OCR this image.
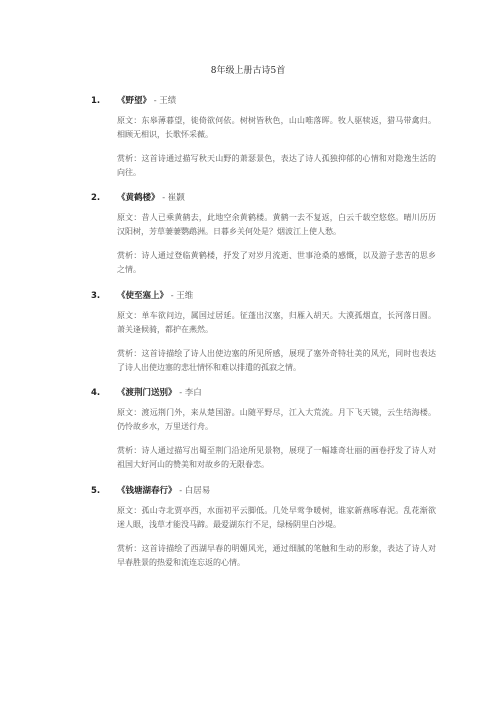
8年级上册古诗5首
1. 《野望》 - 王绩
原文：东皋薄暮望，徙倚欲何依。树树皆秋色，山山唯落晖。牧人驱犊返，猎马带禽归。相顾无相识，长歌怀采薇。
赏析：这首诗通过描写秋天山野的萧瑟景色，表达了诗人孤独抑郁的心情和对隐逸生活的向往。
2. 《黄鹤楼》 - 崔颢
原文：昔人已乘黄鹤去，此地空余黄鹤楼。黄鹤一去不复返，白云千载空悠悠。晴川历历汉阳树，芳草萋萋鹦鹉洲。日暮乡关何处是？烟波江上使人愁。
赏析：诗人通过登临黄鹤楼，抒发了对岁月流逝、世事沧桑的感慨，以及游子悲苦的思乡之情。
3. 《使至塞上》 - 王维
原文：单车欲问边，属国过居延。征蓬出汉塞，归雁入胡天。大漠孤烟直，长河落日圆。萧关逢候骑，都护在燕然。
赏析：这首诗描绘了诗人出使边塞的所见所感，展现了塞外奇特壮美的风光，同时也表达了诗人出使边塞的悲壮情怀和难以排遣的孤寂之情。
4. 《渡荆门送别》 - 李白
原文：渡远荆门外，来从楚国游。山随平野尽，江入大荒流。月下飞天镜，云生结海楼。仍怜故乡水，万里送行舟。
赏析：诗人通过描写出蜀至荆门沿途所见景物，展现了一幅雄奇壮丽的画卷抒发了诗人对祖国大好河山的赞美和对故乡的无限眷恋。
5. 《钱塘湖春行》 - 白居易
原文：孤山寺北贾亭西，水面初平云脚低。几处早莺争暖树，谁家新燕啄春泥。乱花渐欲迷人眼，浅草才能没马蹄。最爱湖东行不足，绿杨阴里白沙堤。
赏析：这首诗描绘了西湖早春的明媚风光，通过细腻的笔触和生动的形象，表达了诗人对早春胜景的热爱和流连忘返的心情。
